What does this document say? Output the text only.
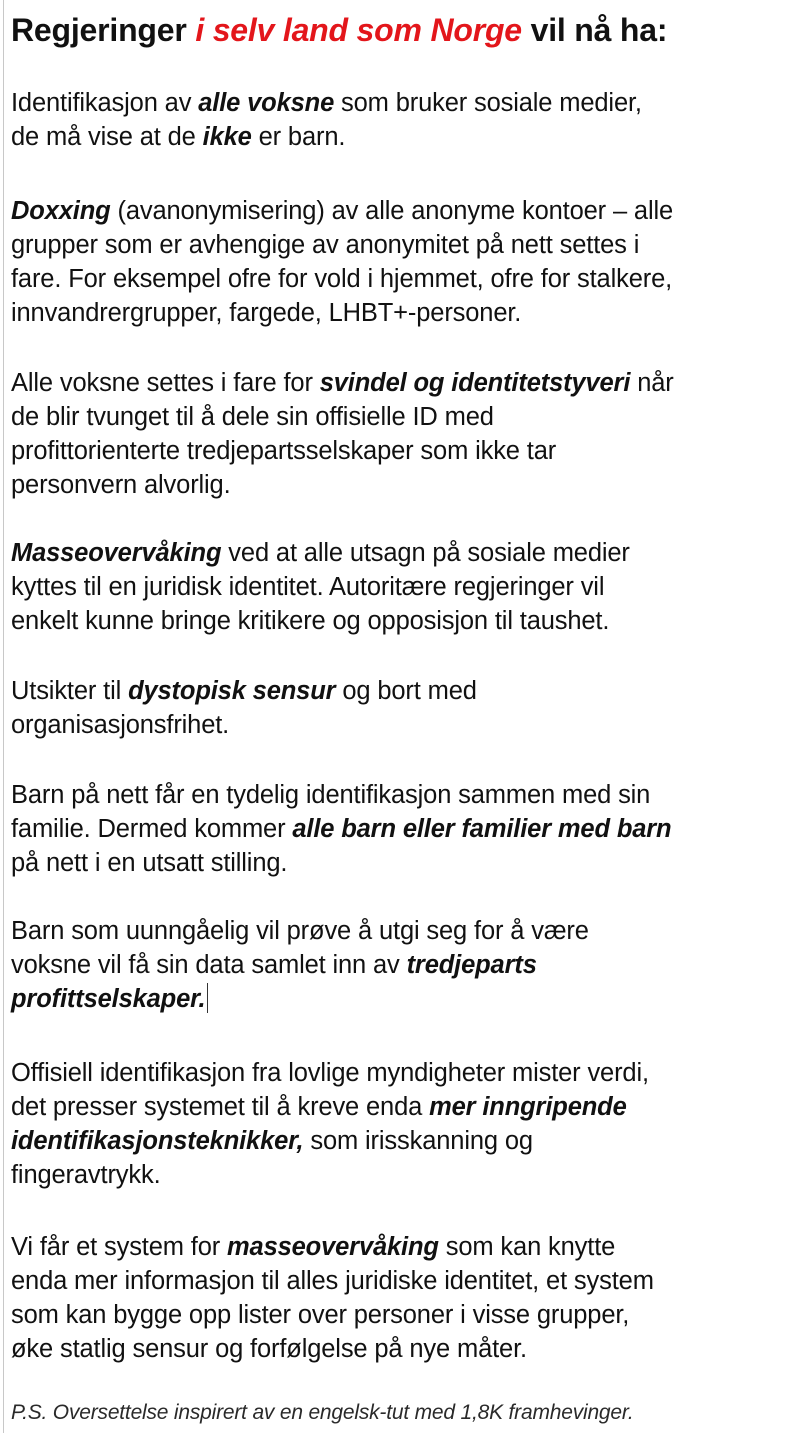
Regjeringer i selv land som Norge vil nå ha:

Identifikasjon av alle voksne som bruker sosiale medier,
de må vise at de ikke er barn.

Doxxing (avanonymisering) av alle anonyme kontoer – alle
grupper som er avhengige av anonymitet på nett settes i
fare. For eksempel ofre for vold i hjemmet, ofre for stalkere,
innvandrergrupper, fargede, LHBT+-personer.

Alle voksne settes i fare for svindel og identitetstyveri når
de blir tvunget til å dele sin offisielle ID med
profittorienterte tredjepartsselskaper som ikke tar
personvern alvorlig.

Masseovervåking ved at alle utsagn på sosiale medier
kyttes til en juridisk identitet. Autoritære regjeringer vil
enkelt kunne bringe kritikere og opposisjon til taushet.

Utsikter til dystopisk sensur og bort med
organisasjonsfrihet.

Barn på nett får en tydelig identifikasjon sammen med sin
familie. Dermed kommer alle barn eller familier med barn
på nett i en utsatt stilling.

Barn som uunngåelig vil prøve å utgi seg for å være
voksne vil få sin data samlet inn av tredjeparts
profittselskaper.

Offisiell identifikasjon fra lovlige myndigheter mister verdi,
det presser systemet til å kreve enda mer inngripende
identifikasjonsteknikker, som irisskanning og
fingeravtrykk.

Vi får et system for masseovervåking som kan knytte
enda mer informasjon til alles juridiske identitet, et system
som kan bygge opp lister over personer i visse grupper,
øke statlig sensur og forfølgelse på nye måter.

P.S. Oversettelse inspirert av en engelsk-tut med 1,8K framhevinger.
